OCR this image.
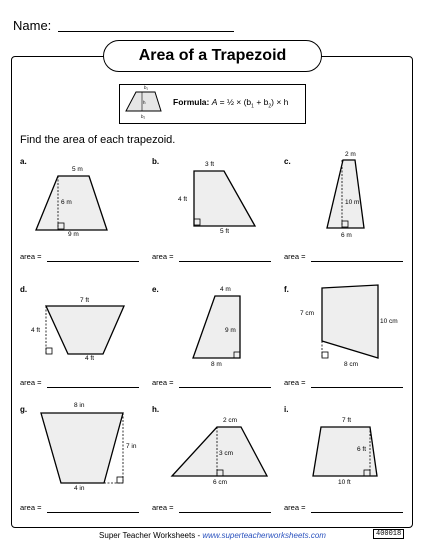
Name:
Area of a Trapezoid
b₁
h
b₂
Formula: A = ½ × $(b_1 + b_2) \times h$
Find the area of each trapezoid.
a.	b.	c.
d.	e.	f.
g.	h.	i.
5 m
6 m
9 m
3 ft
4 ft
5 ft
2 m
10 m
6 m
7 ft
4 ft
4 ft
4 m
9 m
8 m
7 cm
10 cm
8 cm
8 in
7 in
4 in
2 cm
3 cm
6 cm
7 ft
6 ft
10 ft
area =	area =	area =
area =	area =	area =
area =	area =	area =
Super Teacher Worksheets - www.superteacherworksheets.com	400018
